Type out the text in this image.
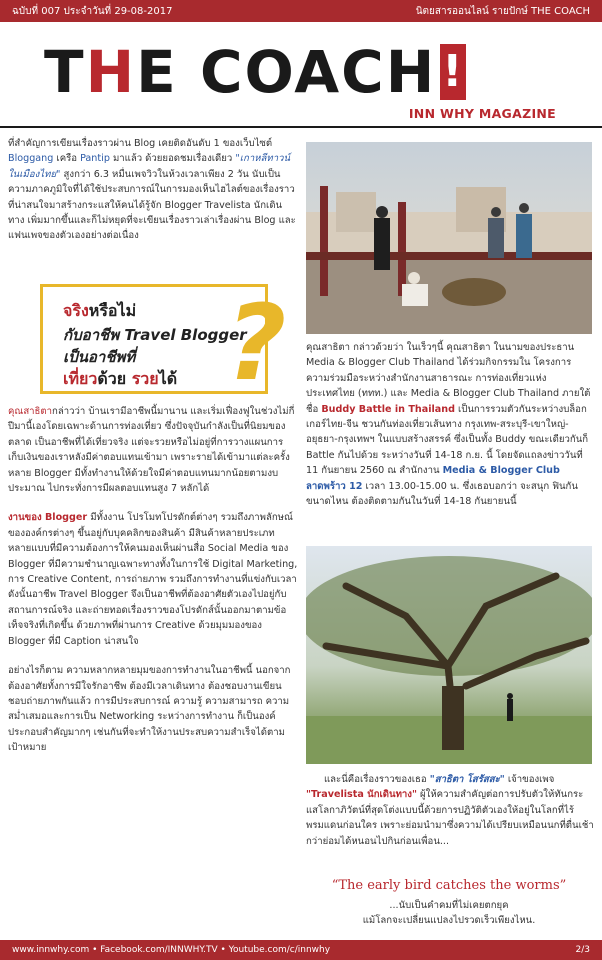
ฉบับที่ 007 ประจำวันที่ 29-08-2017	นิตยสารออนไลน์ รายปักษ์ THE COACH
THE COACH !
INN WHY MAGAZINE

ที่สำคัญการเขียนเรื่องราวผ่าน Blog เคยติดอันดับ 1 ของเว็บไซต์ Bloggang เครือ Pantip มาแล้ว ด้วยยอดชมเรื่องเดียว "เกาหลีทาวน์ในเมืองไทย" สูงกว่า 6.3 หมื่นเพจวิวในห้วงเวลาเพียง 2 วัน นับเป็นความภาคภูมิใจที่ได้ใช้ประสบการณ์ในการมองเห็นไฮไลต์ของเรื่องราวที่น่าสนใจมาสร้างกระแสให้คนได้รู้จัก Blogger Travelista นักเดินทาง เพิ่มมากขึ้นและก็ไม่หยุดที่จะเขียนเรื่องราวเล่าเรื่องผ่าน Blog และแฟนเพจของตัวเองอย่างต่อเนื่อง

จริงหรือไม่
กับอาชีพ Travel Blogger
เป็นอาชีพที่
เที่ยวด้วย รวยได้ ?

คุณสาธิตากล่าวว่า บ้านเรามีอาชีพนี้มานาน และเริ่มเฟื่องฟูในช่วงไม่กี่ปีมานี้เองโดยเฉพาะด้านการท่องเที่ยว ซึ่งปัจจุบันกำลังเป็นที่นิยมของตลาด เป็นอาชีพที่ได้เที่ยวจริง แต่จะรวยหรือไม่อยู่ที่การวางแผนการเก็บเงินของเราหลังมีค่าตอบแทนเข้ามา เพราะรายได้เข้ามาแต่ละครั้ง หลาย Blogger มีทั้งทำงานให้ด้วยใจมีค่าตอบแทนมากน้อยตามงบประมาณ ไปกระทั่งการมีผลตอบแทนสูง 7 หลักได้

งานของ Blogger มีทั้งงาน โปรโมทโปรดักต์ต่างๆ รวมถึงภาพลักษณ์ขององค์กรต่างๆ ขึ้นอยู่กับบุคคลิกของสินค้า มีสินค้าหลายประเภท หลายแบบที่มีความต้องการให้คนมองเห็นผ่านสื่อ Social Media ของ Blogger ที่มีความชำนาญเฉพาะทางทั้งในการใช้ Digital Marketing, การ Creative Content, การถ่ายภาพ รวมถึงการทำงานที่แข่งกับเวลา ดังนั้นอาชีพ Travel Blogger จึงเป็นอาชีพที่ต้องอาศัยตัวเองไปอยู่กับสถานการณ์จริง และถ่ายทอดเรื่องราวของโปรดักส์นั้นออกมาตามข้อเท็จจริงที่เกิดขึ้น ด้วยภาพที่ผ่านการ Creative ด้วยมุมมองของ Blogger ที่มี Caption น่าสนใจ

อย่างไรก็ตาม ความหลากหลายมุมของการทำงานในอาชีพนี้ นอกจากต้องอาศัยทั้งการมีใจรักอาชีพ ต้องมีเวลาเดินทาง ต้องชอบงานเขียน ชอบถ่ายภาพกันแล้ว การมีประสบการณ์ ความรู้ ความสามารถ ความสม่ำเสมอและการเป็น Networking ระหว่างการทำงาน ก็เป็นองค์ประกอบสำคัญมากๆ เช่นกันที่จะทำให้งานประสบความสำเร็จได้ตามเป้าหมาย

คุณสาธิตา กล่าวด้วยว่า ในเร็วๆนี้ คุณสาธิตา ในนามของประธาน Media & Blogger Club Thailand ได้ร่วมกิจกรรมใน โครงการความร่วมมือระหว่างสำนักงานสาธารณะ การท่องเที่ยวแห่งประเทศไทย (ททท.) และ Media & Blogger Club Thailand ภายใต้ชื่อ Buddy Battle in Thailand เป็นการรวมตัวกันระหว่างบล็อกเกอร์ไทย-จีน ชวนกันท่องเที่ยวเส้นทาง กรุงเทพ-สระบุรี-เขาใหญ่-อยุธยา-กรุงเทพฯ ในแบบสร้างสรรค์ ซึ่งเป็นทั้ง Buddy ขณะเดียวกันก็ Battle กันไปด้วย ระหว่างวันที่ 14-18 ก.ย. นี้ โดยจัดแถลงข่าววันที่ 11 กันยายน 2560 ณ สำนักงาน Media & Blogger Club ลาดพร้าว 12 เวลา 13.00-15.00 น. ซึ่งเธอบอกว่า จะสนุก ฟินกันขนาดไหน ต้องติดตามกันในวันที่ 14-18 กันยายนนี้

และนี่คือเรื่องราวของเธอ "สาธิตา โสรัสสะ" เจ้าของเพจ "Travelista นักเดินทาง" ผู้ให้ความสำคัญต่อการปรับตัวให้ทันกระแสโลกาภิวัตน์ที่สุดโต่งแบบนี้ด้วยการปฏิวัติตัวเองให้อยู่ในโลกที่ไร้พรมแดนก่อนใคร เพราะย่อมนำมาซึ่งความได้เปรียบเหมือนนกที่ตื่นเช้ากว่าย่อมได้หนอนไปกินก่อนเพื่อน...

“The early bird catches the worms”
...นับเป็นคำคมที่ไม่เคยตกยุค
แม้โลกจะเปลี่ยนแปลงไปรวดเร็วเพียงไหน.
www.innwhy.com • Facebook.com/INNWHY.TV • Youtube.com/c/innwhy	2/3
